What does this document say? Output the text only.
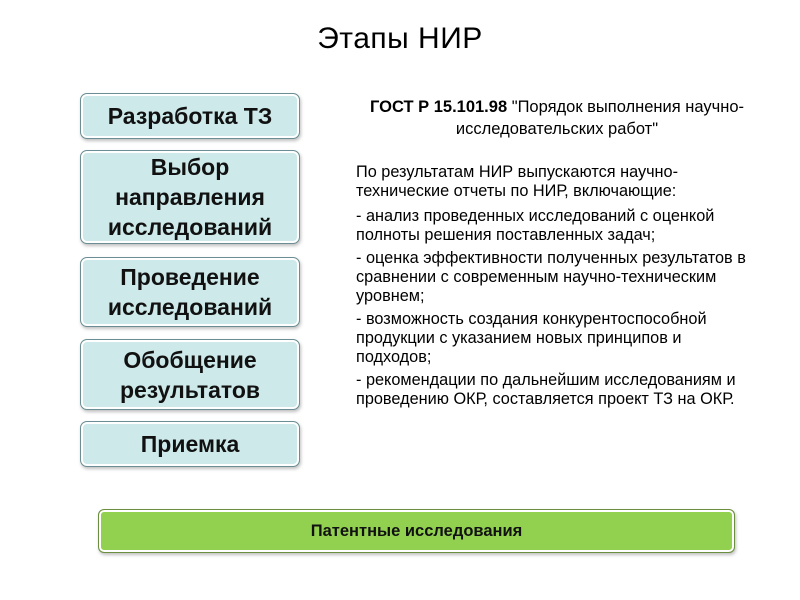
Этапы НИР
Разработка ТЗ
Выбор
направления
исследований
Проведение
исследований
Обобщение
результатов
Приемка
ГОСТ Р 15.101.98 "Порядок выполнения научно-исследовательских работ"

По результатам НИР выпускаются научно-технические отчеты по НИР, включающие:

- анализ проведенных исследований с оценкой полноты решения поставленных задач;

- оценка эффективности полученных результатов в сравнении с современным научно-техническим уровнем;

- возможность создания конкурентоспособной продукции с указанием новых принципов и подходов;

- рекомендации по дальнейшим исследованиям и проведению ОКР, составляется проект ТЗ на ОКР.

Патентные исследования
